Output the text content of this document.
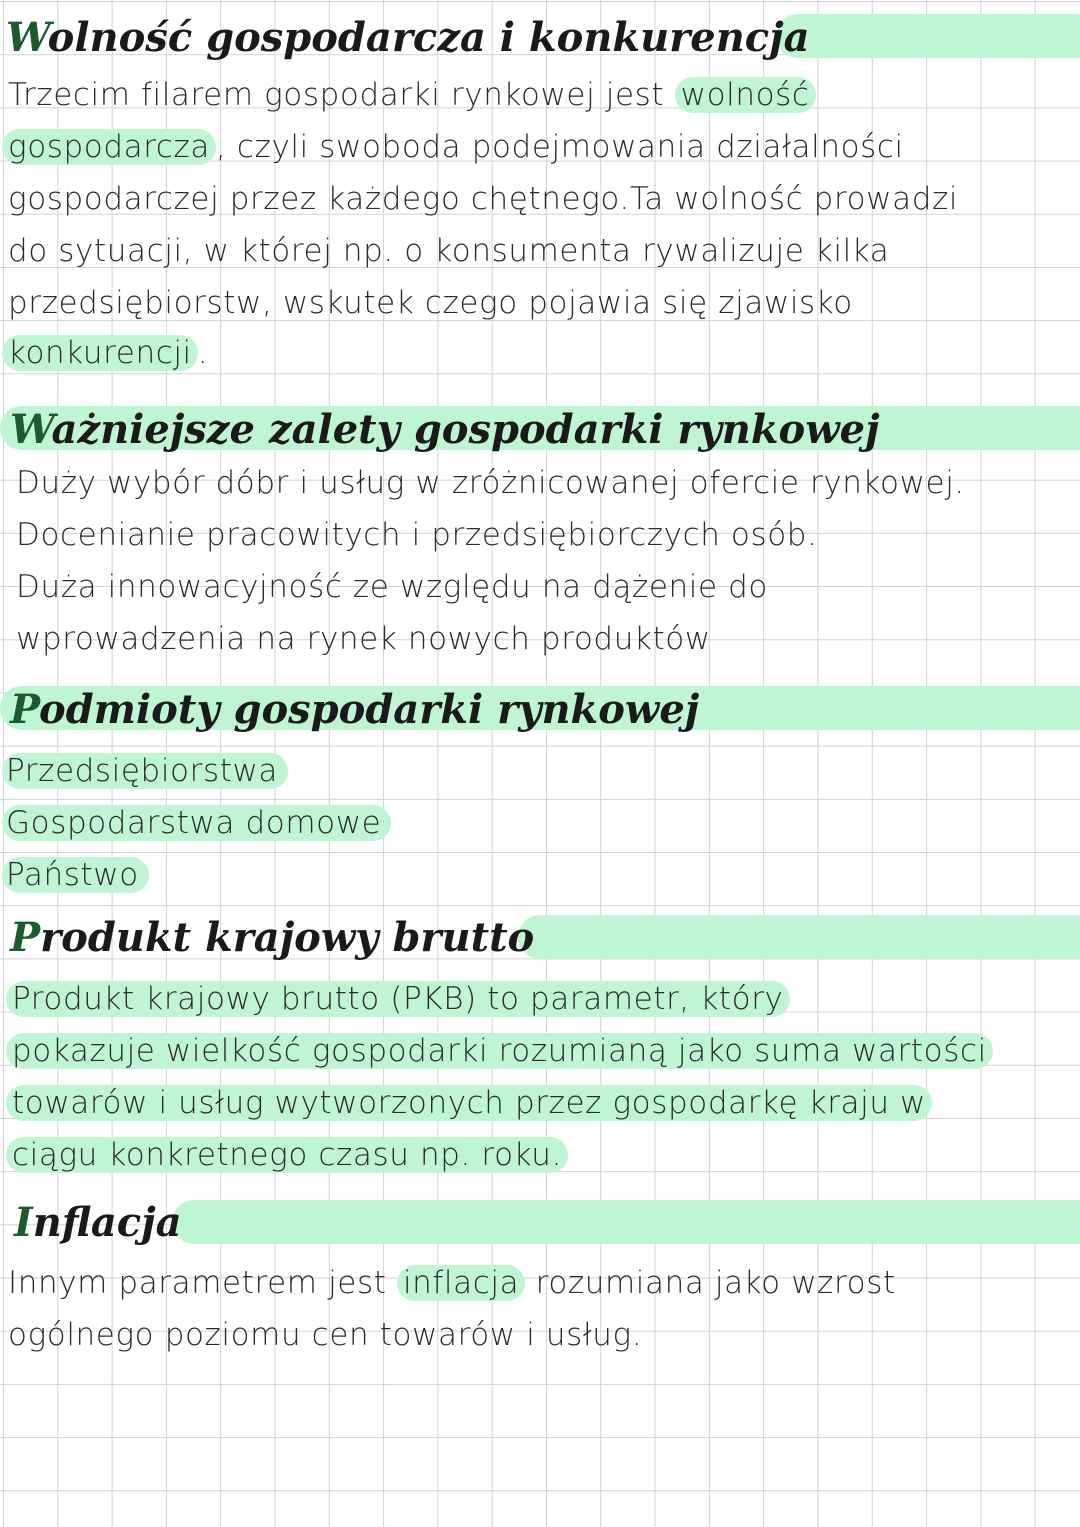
Wolność gospodarcza i konkurencja

Trzecim filarem gospodarki rynkowej jest wolność

gospodarcza , czyli swoboda podejmowania działalności

gospodarczej przez każdego chętnego.Ta wolność prowadzi

do sytuacji, w której np. o konsumenta rywalizuje kilka

przedsiębiorstw, wskutek czego pojawia się zjawisko

konkurencji .

Ważniejsze zalety gospodarki rynkowej

Duży wybór dóbr i usług w zróżnicowanej ofercie rynkowej.

Docenianie pracowitych i przedsiębiorczych osób.

Duża innowacyjność ze względu na dążenie do

wprowadzenia na rynek nowych produktów

Podmioty gospodarki rynkowej

Przedsiębiorstwa

Gospodarstwa domowe

Państwo

Produkt krajowy brutto

Produkt krajowy brutto (PKB) to parametr, który

pokazuje wielkość gospodarki rozumianą jako suma wartości

towarów i usług wytworzonych przez gospodarkę kraju w

ciągu konkretnego czasu np. roku.

Inflacja

Innym parametrem jest inflacja rozumiana jako wzrost

ogólnego poziomu cen towarów i usług.
